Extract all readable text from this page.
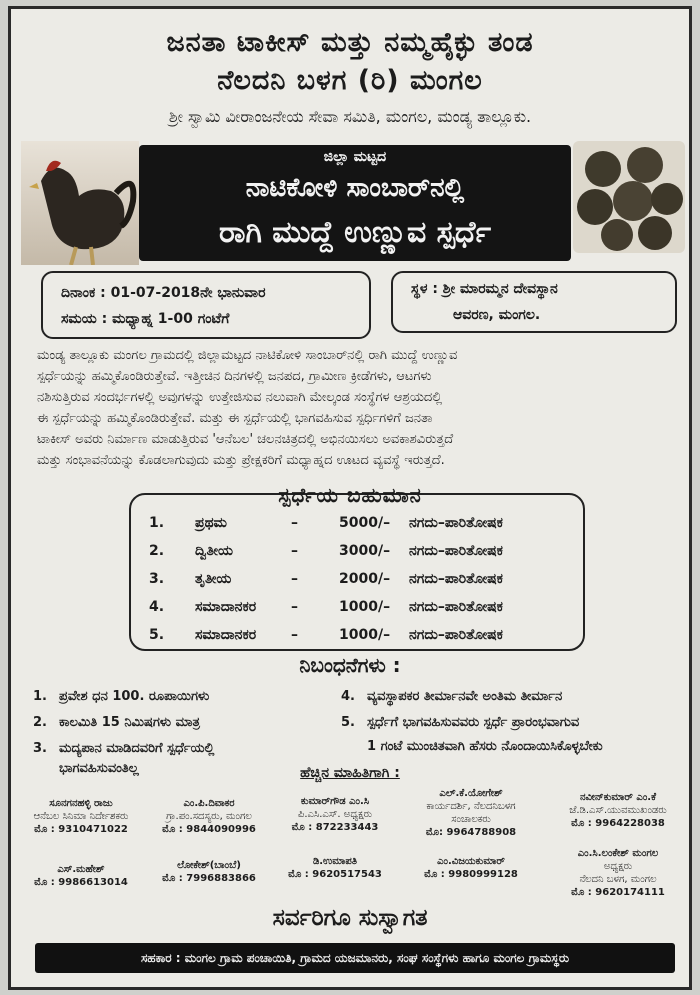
ಜನತಾ ಟಾಕೀಸ್ ಮತ್ತು ನಮ್ಮಹೈಕ್ಳು ತಂಡ
ನೆಲದನಿ ಬಳಗ (ರಿ) ಮಂಗಲ
ಶ್ರೀ ಸ್ವಾಮಿ ವೀರಾಂಜನೇಯ ಸೇವಾ ಸಮಿತಿ, ಮಂಗಲ, ಮಂಡ್ಯ ತಾಲ್ಲೂಕು.
ಜಿಲ್ಲಾ ಮಟ್ಟದ
ನಾಟಿಕೋಳಿ ಸಾಂಬಾರ್‌ನಲ್ಲಿ
ರಾಗಿ ಮುದ್ದೆ ಉಣ್ಣುವ ಸ್ಪರ್ಧೆ
ದಿನಾಂಕ : 01-07-2018ನೇ ಭಾನುವಾರ
ಸಮಯ : ಮಧ್ಯಾಹ್ನ 1-00 ಗಂಟೆಗೆ
ಸ್ಥಳ : ಶ್ರೀ ಮಾರಮ್ಮನ ದೇವಸ್ಥಾನ
ಆವರಣ, ಮಂಗಲ.
ಮಂಡ್ಯ ತಾಲ್ಲೂಕು ಮಂಗಲ ಗ್ರಾಮದಲ್ಲಿ ಜಿಲ್ಲಾಮಟ್ಟದ ನಾಟಿಕೋಳಿ ಸಾಂಬಾರ್‌ನಲ್ಲಿ ರಾಗಿ ಮುದ್ದೆ ಉಣ್ಣುವ
ಸ್ಪರ್ಧೆಯನ್ನು ಹಮ್ಮಿಕೊಂಡಿರುತ್ತೇವೆ. ಇತ್ತೀಚಿನ ದಿನಗಳಲ್ಲಿ ಜನಪದ, ಗ್ರಾಮೀಣ ಕ್ರೀಡೆಗಳು, ಆಟಗಳು
ನಶಿಸುತ್ತಿರುವ ಸಂದರ್ಭಗಳಲ್ಲಿ ಅವುಗಳನ್ನು ಉತ್ತೇಜಿಸುವ ನಲುವಾಗಿ ಮೇಲ್ಕಂಡ ಸಂಸ್ಥೆಗಳ ಆಶ್ರಯದಲ್ಲಿ
ಈ ಸ್ಪರ್ಧೆಯನ್ನು ಹಮ್ಮಿಕೊಂಡಿರುತ್ತೇವೆ. ಮತ್ತು ಈ ಸ್ಪರ್ಧೆಯಲ್ಲಿ ಭಾಗವಹಿಸುವ ಸ್ಪರ್ಧಿಗಳಿಗೆ ಜನತಾ
ಟಾಕೀಸ್ ಅವರು ನಿರ್ಮಾಣ ಮಾಡುತ್ತಿರುವ 'ಆನೆಬಲ' ಚಲನಚಿತ್ರದಲ್ಲಿ ಅಭಿನಯಿಸಲು ಅವಕಾಶವಿರುತ್ತದೆ
ಮತ್ತು ಸಂಭಾವನೆಯನ್ನು ಕೊಡಲಾಗುವುದು ಮತ್ತು ಪ್ರೇಕ್ಷಕರಿಗೆ ಮಧ್ಯಾಹ್ನದ ಊಟದ ವ್ಯವಸ್ಥೆ ಇರುತ್ತದೆ.
1. ಪ್ರಥಮ	–	5000/– ನಗದು–ಪಾರಿತೋಷಕ
2. ದ್ವಿತೀಯ	–	3000/– ನಗದು–ಪಾರಿತೋಷಕ
3. ತೃತೀಯ	–	2000/– ನಗದು–ಪಾರಿತೋಷಕ
4. ಸಮಾದಾನಕರ –	1000/– ನಗದು–ಪಾರಿತೋಷಕ
5. ಸಮಾದಾನಕರ –	1000/– ನಗದು–ಪಾರಿತೋಷಕ
ಸ್ಪರ್ಧೆಯ ಬಹುಮಾನ
ನಿಬಂಧನೆಗಳು :
1. ಪ್ರವೇಶ ಧನ 100. ರೂಪಾಯಿಗಳು
2. ಕಾಲಮಿತಿ 15 ನಿಮಿಷಗಳು ಮಾತ್ರ
3. ಮದ್ಯಪಾನ ಮಾಡಿದವರಿಗೆ ಸ್ಪರ್ಧೆಯಲ್ಲಿ
ಭಾಗವಹಿಸುವಂತಿಲ್ಲ
4. ವ್ಯವಸ್ಥಾಪಕರ ತೀರ್ಮಾನವೇ ಅಂತಿಮ ತೀರ್ಮಾನ
5. ಸ್ಪರ್ಧೆಗೆ ಭಾಗವಹಿಸುವವರು ಸ್ಪರ್ಧೆ ಪ್ರಾರಂಭವಾಗುವ
1 ಗಂಟೆ ಮುಂಚಿತವಾಗಿ ಹೆಸರು ನೊಂದಾಯಿಸಿಕೊಳ್ಳಬೇಕು
ಹೆಚ್ಚಿನ ಮಾಹಿತಿಗಾಗಿ :
ಸೂನಗನಹಳ್ಳಿ ರಾಜು
ಆನೆಬಲ ಸಿನಿಮಾ ನಿರ್ದೇಶಕರು
ಮೊ : 9310471022
ಎಂ.ಪಿ.ದಿವಾಕರ
ಗ್ರಾ.ಪಂ.ಸದಸ್ಯರು, ಮಂಗಲ
ಮೊ : 9844090996
ಕುಮಾರ್‌ಗೌಡ ಎಂ.ಸಿ
ಪಿ.ಎಸಿ.ಎಸ್. ಅಧ್ಯಕ್ಷರು
ಮೊ : 872233443
ಎಲ್.ಕೆ.ಯೋಗೇಶ್
ಕಾರ್ಯದರ್ಶಿ, ನೆಲದನಿಬಳಗ
ಸಂಚಾಲಕರು
ಮೊ: 9964788908
ನವೀನ್‌ಕುಮಾರ್ ಎಂ.ಕೆ
ಜೆ.ಡಿ.ಎಸ್.ಯುವಮುಖಂಡರು
ಮೊ : 9964228038
ಎಸ್.ಮಹೇಶ್
ಮೊ : 9986613014
ಲೋಕೇಶ್(ಬಾಂಬೆ)
ಮೊ : 7996883866
ಡಿ.ಉಮಾಪತಿ
ಮೊ : 9620517543
ಎಂ.ವಿಜಯಕುಮಾರ್
ಮೊ : 9980999128
ಎಂ.ಸಿ.ಲಂಕೇಶ್ ಮಂಗಲ
ಅಧ್ಯಕ್ಷರು
ನೆಲದನಿ ಬಳಗ, ಮಂಗಲ
ಮೊ : 9620174111
ಸರ್ವರಿಗೂ ಸುಸ್ವಾಗತ
ಸಹಕಾರ : ಮಂಗಲ ಗ್ರಾಮ ಪಂಚಾಯಿತಿ, ಗ್ರಾಮದ ಯಜಮಾನರು, ಸಂಘ ಸಂಸ್ಥೆಗಳು ಹಾಗೂ ಮಂಗಲ ಗ್ರಾಮಸ್ಥರು
